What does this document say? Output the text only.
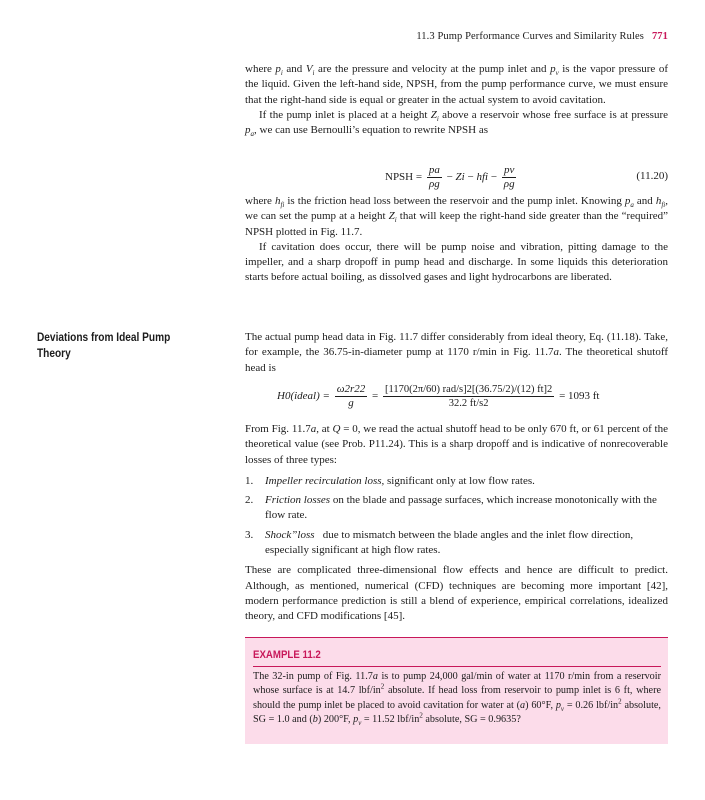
11.3 Pump Performance Curves and Similarity Rules 771

where $p_i$ and $V_i$ are the pressure and velocity at the pump inlet and $p_v$ is the vapor pressure of the liquid. Given the left-hand side, NPSH, from the pump performance curve, we must ensure that the right-hand side is equal or greater in the actual system to avoid cavitation.

If the pump inlet is placed at a height $Z_i$ above a reservoir whose free surface is at pressure $p_a$, we can use Bernoulli’s equation to rewrite NPSH as

NPSH = $\frac{pa}{\rho g} - Zi$ − hfi − $\frac{pv}{\rho g}$	(11.20)

where $h_{fi}$ is the friction head loss between the reservoir and the pump inlet. Knowing $p_a$ and $h_{fi}$, we can set the pump at a height $Z_i$ that will keep the right-hand side greater than the “required” NPSH plotted in Fig. 11.7.

If cavitation does occur, there will be pump noise and vibration, pitting damage to the impeller, and a sharp dropoff in pump head and discharge. In some liquids this deterioration starts before actual boiling, as dissolved gases and light hydrocarbons are liberated.

Deviations from Ideal Pump Theory

The actual pump head data in Fig. 11.7 differ considerably from ideal theory, Eq. (11.18). Take, for example, the 36.75-in-diameter pump at 1170 r/min in Fig. 11.7a. The theoretical shutoff head is

H0(ideal) = $\frac{\omega 2r22}{g} = \frac{\text{[1170(2π/60) rad/s]2[(36.75/2)/(12) ft]2}}{32.2 ft/s2} = 1093$ ft

From Fig. 11.7a, at Q = 0, we read the actual shutoff head to be only 670 ft, or 61 percent of the theoretical value (see Prob. P11.24). This is a sharp dropoff and is indicative of nonrecoverable losses of three types:

1. Impeller recirculation loss, significant only at low flow rates.
2. Friction losses on the blade and passage surfaces, which increase monotonically with the flow rate.
3. Shock”loss   due to mismatch between the blade angles and the inlet flow direction, especially significant at high flow rates.

These are complicated three-dimensional flow effects and hence are difficult to predict. Although, as mentioned, numerical (CFD) techniques are becoming more important [42], modern performance prediction is still a blend of experience, empirical correlations, idealized theory, and CFD modifications [45].

EXAMPLE 11.2
The 32-in pump of Fig. 11.7a is to pump 24,000 gal/min of water at 1170 r/min from a reservoir whose surface is at 14.7 lbf/$in^2$ absolute. If head loss from reservoir to pump inlet is 6 ft, where should the pump inlet be placed to avoid cavitation for water at (a) 60°F, $p_v = 0.26$ lbf/$in^2$ absolute, SG = 1.0 and (b) 200°F, $p_v = 11.52$ lbf/$in^2$ absolute, SG = 0.9635?
